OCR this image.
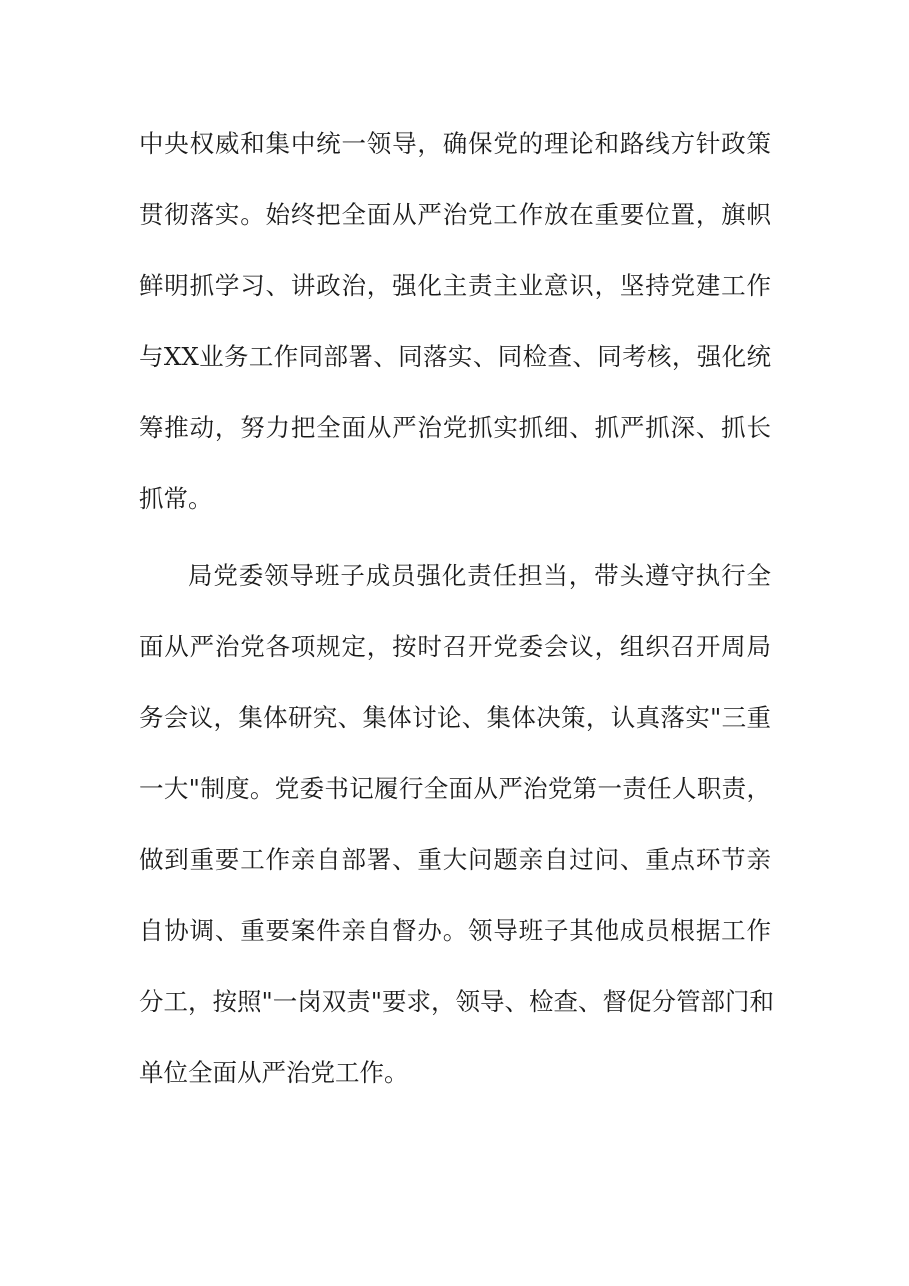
中央权威和集中统一领导，确保党的理论和路线方针政策
贯彻落实。始终把全面从严治党工作放在重要位置，旗帜
鲜明抓学习、讲政治，强化主责主业意识，坚持党建工作
与XX业务工作同部署、同落实、同检查、同考核，强化统
筹推动，努力把全面从严治党抓实抓细、抓严抓深、抓长
抓常。
局党委领导班子成员强化责任担当，带头遵守执行全
面从严治党各项规定，按时召开党委会议，组织召开周局
务会议，集体研究、集体讨论、集体决策，认真落实"三重
一大"制度。党委书记履行全面从严治党第一责任人职责，
做到重要工作亲自部署、重大问题亲自过问、重点环节亲
自协调、重要案件亲自督办。领导班子其他成员根据工作
分工，按照"一岗双责"要求，领导、检查、督促分管部门和
单位全面从严治党工作。
